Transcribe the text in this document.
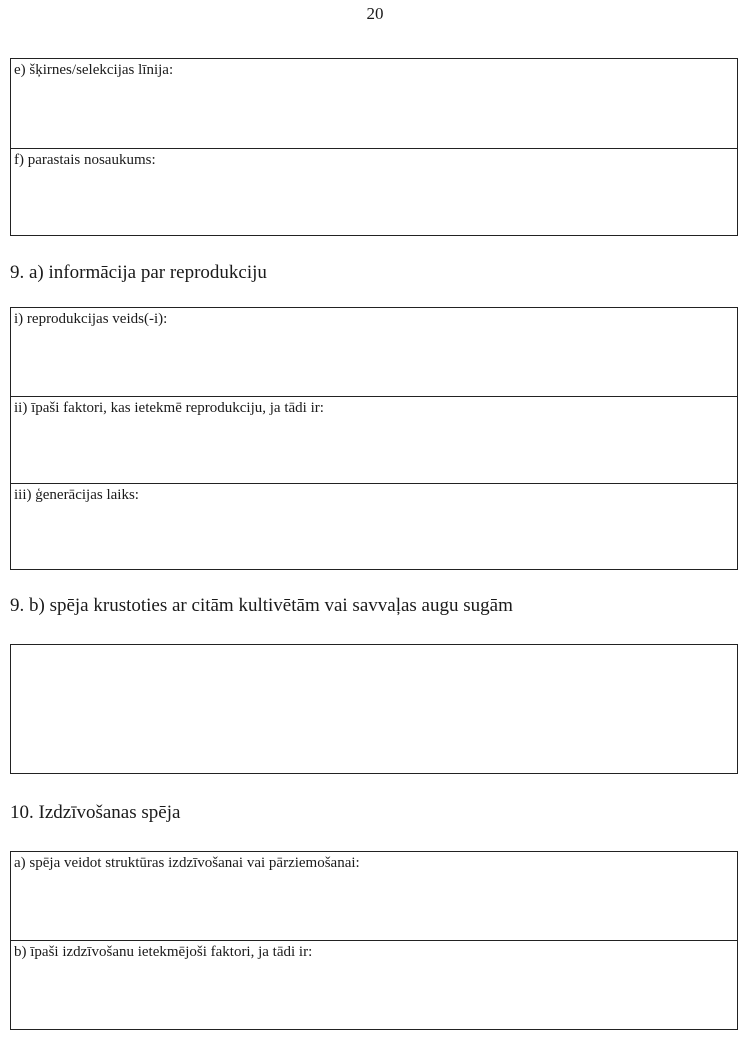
20
e) šķirnes/selekcijas līnija:
f) parastais nosaukums:
9. a) informācija par reprodukciju
i) reprodukcijas veids(-i):
ii) īpaši faktori, kas ietekmē reprodukciju, ja tādi ir:
iii) ģenerācijas laiks:
9. b) spēja krustoties ar citām kultivētām vai savvaļas augu sugām
10. Izdzīvošanas spēja
a) spēja veidot struktūras izdzīvošanai vai pārziemošanai:
b) īpaši izdzīvošanu ietekmējoši faktori, ja tādi ir:
